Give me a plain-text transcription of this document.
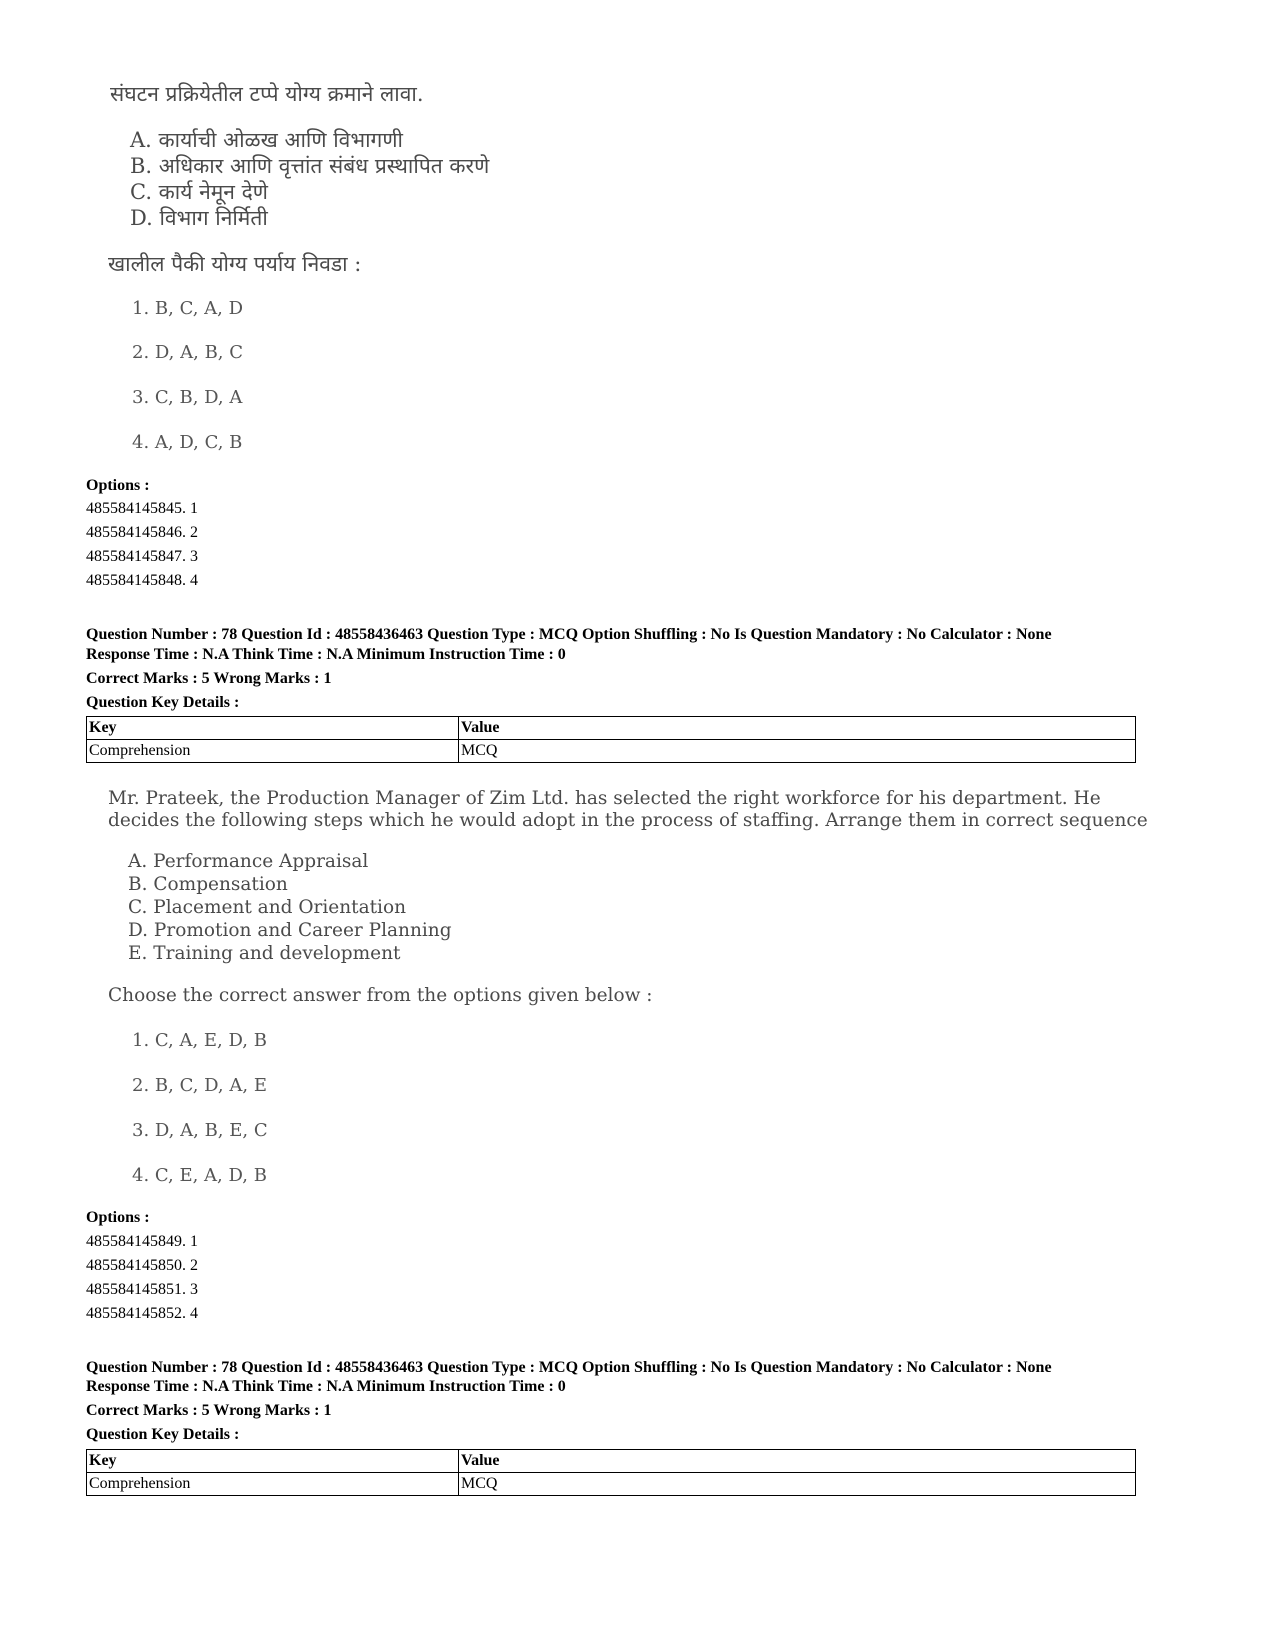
संघटन प्रक्रियेतील टप्पे योग्य क्रमाने लावा.
A. कार्याची ओळख आणि विभागणी
B. अधिकार आणि वृत्तांत संबंध प्रस्थापित करणे
C. कार्य नेमून देणे
D. विभाग निर्मिती
खालील पैकी योग्य पर्याय निवडा :
1. B, C, A, D
2. D, A, B, C
3. C, B, D, A
4. A, D, C, B
Options :
485584145845. 1
485584145846. 2
485584145847. 3
485584145848. 4
Question Number : 78 Question Id : 48558436463 Question Type : MCQ Option Shuffling : No Is Question Mandatory : No Calculator : None
Response Time : N.A Think Time : N.A Minimum Instruction Time : 0
Correct Marks : 5 Wrong Marks : 1
Question Key Details :
Key	Value
Comprehension	MCQ
Mr. Prateek, the Production Manager of Zim Ltd. has selected the right workforce for his department. He
decides the following steps which he would adopt in the process of staffing. Arrange them in correct sequence
A. Performance Appraisal
B. Compensation
C. Placement and Orientation
D. Promotion and Career Planning
E. Training and development
Choose the correct answer from the options given below :
1. C, A, E, D, B
2. B, C, D, A, E
3. D, A, B, E, C
4. C, E, A, D, B
Options :
485584145849. 1
485584145850. 2
485584145851. 3
485584145852. 4
Question Number : 78 Question Id : 48558436463 Question Type : MCQ Option Shuffling : No Is Question Mandatory : No Calculator : None
Response Time : N.A Think Time : N.A Minimum Instruction Time : 0
Correct Marks : 5 Wrong Marks : 1
Question Key Details :
Key	Value
Comprehension	MCQ
